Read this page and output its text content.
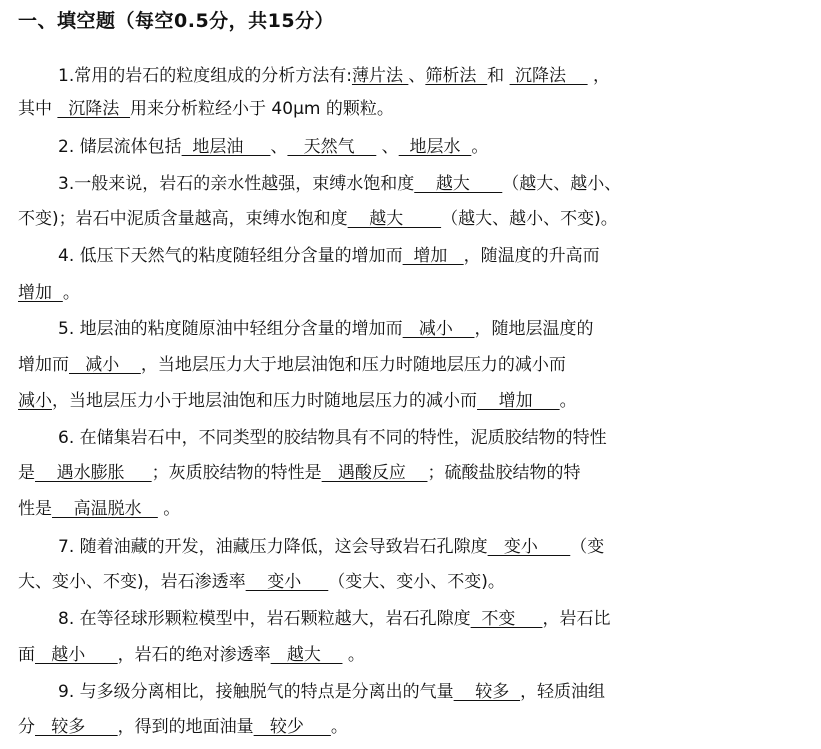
一、填空题（每空0.5分，共15分）
1.常用的岩石的粒度组成的分析方法有:薄片法 、筛析法  和  沉降法     ，
其中   沉降法  用来分析粒经小于 40μm 的颗粒。
2. 储层流体包括  地层油     、   天然气     、  地层水  。
3.一般来说，岩石的亲水性越强，束缚水饱和度    越大      （越大、越小、
不变)；岩石中泥质含量越高，束缚水饱和度    越大       （越大、越小、不变)。
4. 低压下天然气的粘度随轻组分含量的增加而  增加   ，随温度的升高而
增加  。
5. 地层油的粘度随原油中轻组分含量的增加而   减小    ，随地层温度的
增加而   减小    ，当地层压力大于地层油饱和压力时随地层压力的减小而
减小，当地层压力小于地层油饱和压力时随地层压力的减小而    增加     。
6. 在储集岩石中，不同类型的胶结物具有不同的特性，泥质胶结物的特性
是    遇水膨胀     ；灰质胶结物的特性是   遇酸反应    ；硫酸盐胶结物的特
性是    高温脱水    。
7. 随着油藏的开发，油藏压力降低，这会导致岩石孔隙度   变小      （变
大、变小、不变)，岩石渗透率    变小     （变大、变小、不变)。
8. 在等径球形颗粒模型中，岩石颗粒越大，岩石孔隙度  不变     ，岩石比
面   越小      ，岩石的绝对渗透率   越大     。
9. 与多级分离相比，接触脱气的特点是分离出的气量    较多  ，轻质油组
分   较多      ，得到的地面油量   较少     。
